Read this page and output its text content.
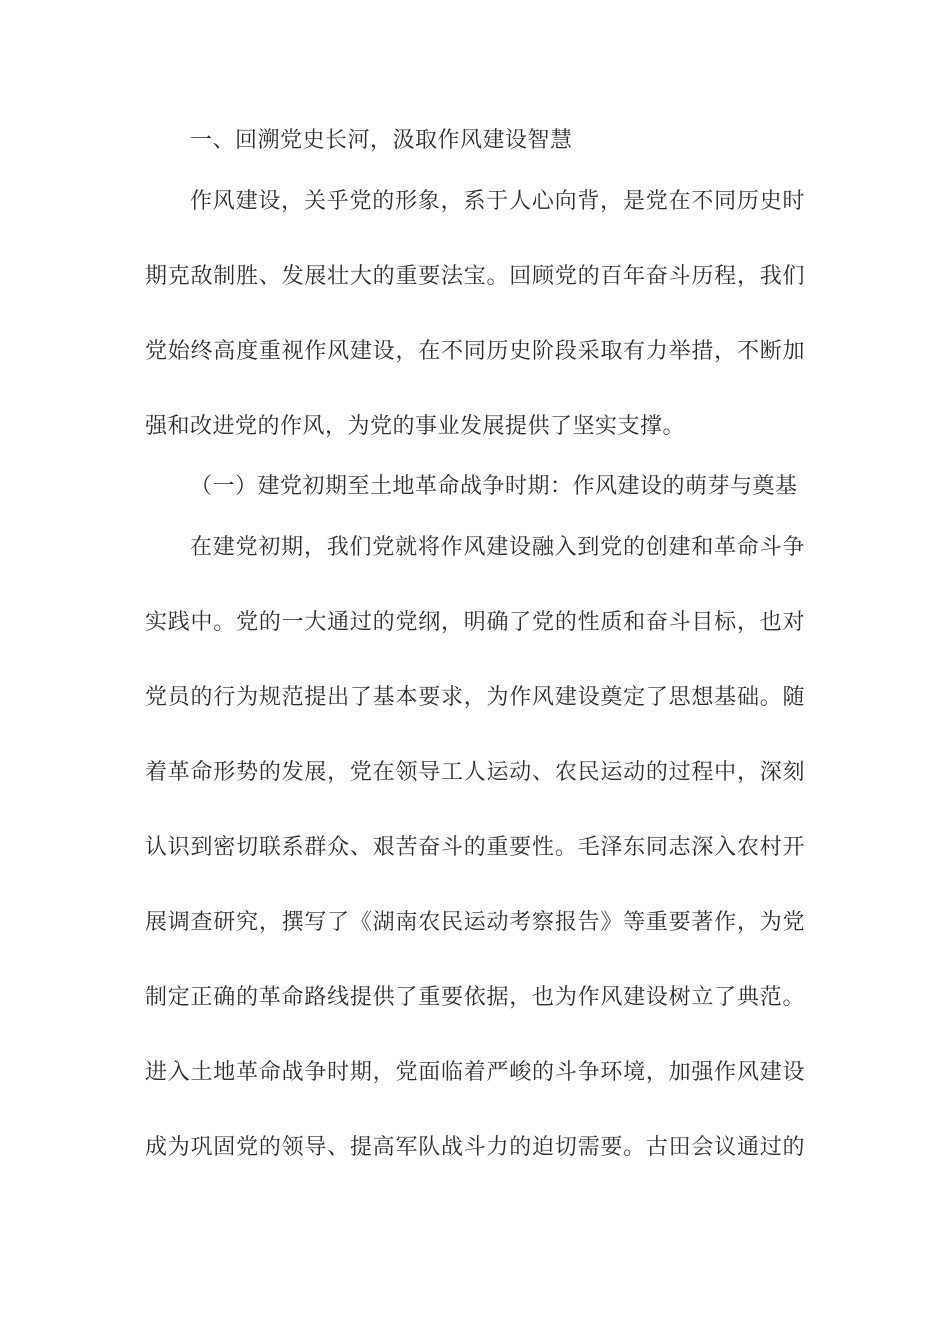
一、回溯党史长河，汲取作风建设智慧
作风建设，关乎党的形象，系于人心向背，是党在不同历史时
期克敌制胜、发展壮大的重要法宝。回顾党的百年奋斗历程，我们
党始终高度重视作风建设，在不同历史阶段采取有力举措，不断加
强和改进党的作风，为党的事业发展提供了坚实支撑。
（一）建党初期至土地革命战争时期：作风建设的萌芽与奠基
在建党初期，我们党就将作风建设融入到党的创建和革命斗争
实践中。党的一大通过的党纲，明确了党的性质和奋斗目标，也对
党员的行为规范提出了基本要求，为作风建设奠定了思想基础。随
着革命形势的发展，党在领导工人运动、农民运动的过程中，深刻
认识到密切联系群众、艰苦奋斗的重要性。毛泽东同志深入农村开
展调查研究，撰写了《湖南农民运动考察报告》等重要著作，为党
制定正确的革命路线提供了重要依据，也为作风建设树立了典范。
进入土地革命战争时期，党面临着严峻的斗争环境，加强作风建设
成为巩固党的领导、提高军队战斗力的迫切需要。古田会议通过的
